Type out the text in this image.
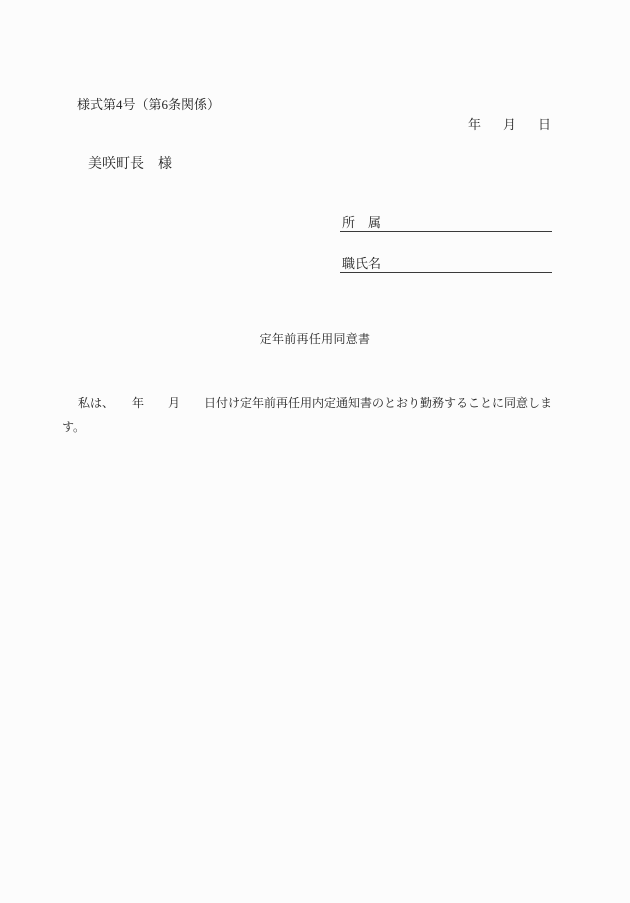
様式第4号（第6条関係）
年 月 日
美咲町長　様
所　属
職氏名
定年前再任用同意書
私は、　　年　　月　　日付け定年前再任用内定通知書のとおり勤務することに同意しま
す。
